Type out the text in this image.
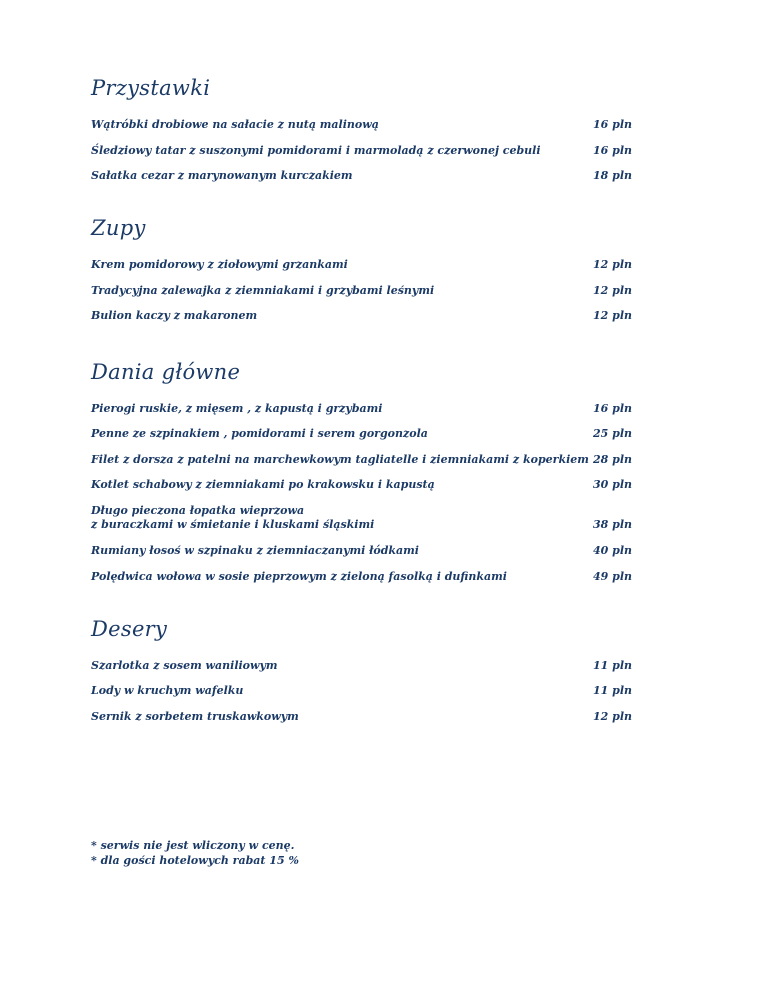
Przystawki
Wątróbki drobiowe na sałacie z nutą malinową	16 pln
Śledziowy tatar z suszonymi pomidorami i marmoladą z czerwonej cebuli	16 pln
Sałatka cezar z marynowanym kurczakiem	18 pln
Zupy
Krem pomidorowy z ziołowymi grzankami	12 pln
Tradycyjna zalewajka z ziemniakami i grzybami leśnymi	12 pln
Bulion kaczy z makaronem	12 pln
Dania główne
Pierogi ruskie, z mięsem , z kapustą i grzybami	16 pln
Penne ze szpinakiem , pomidorami i serem gorgonzola	25 pln
Filet z dorsza z patelni na marchewkowym tagliatelle i ziemniakami z koperkiem 28 pln
Kotlet schabowy z ziemniakami po krakowsku i kapustą	30 pln
Długo pieczona łopatka wieprzowa
z buraczkami w śmietanie i kluskami śląskimi	38 pln
Rumiany łosoś w szpinaku z ziemniaczanymi łódkami	40 pln
Polędwica wołowa w sosie pieprzowym z zieloną fasolką i dufinkami	49 pln
Desery
Szarlotka z sosem waniliowym	11 pln
Lody w kruchym wafelku	11 pln
Sernik z sorbetem truskawkowym	12 pln
* serwis nie jest wliczony w cenę.
* dla gości hotelowych rabat 15 %
